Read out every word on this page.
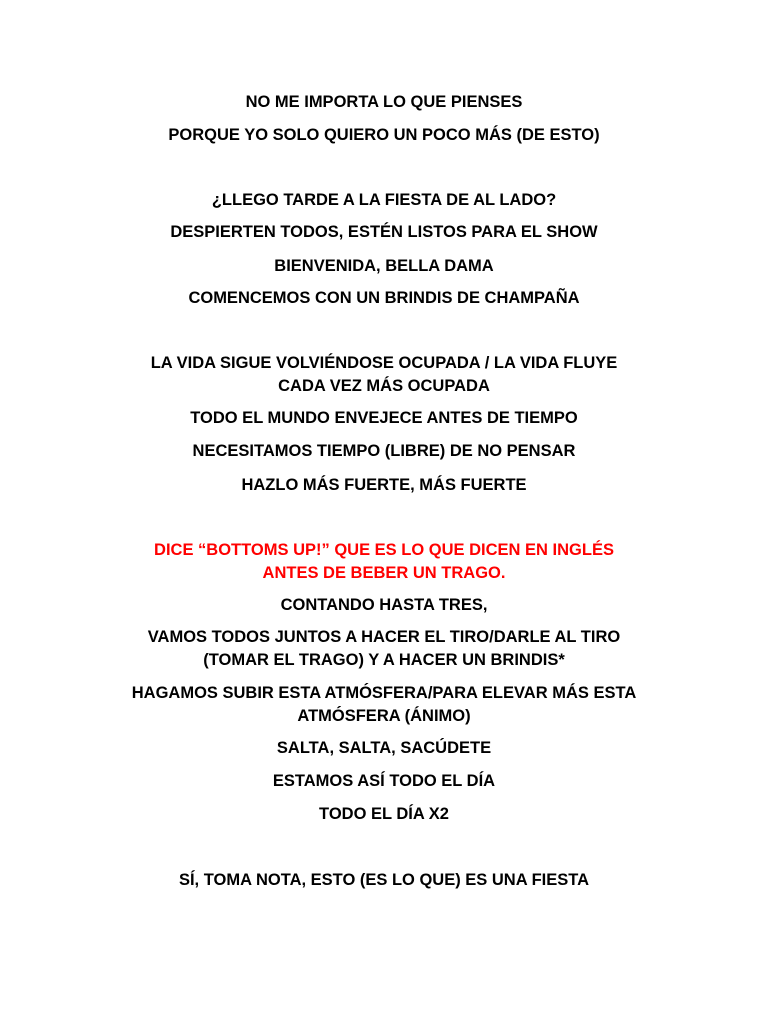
NO ME IMPORTA LO QUE PIENSES
PORQUE YO SOLO QUIERO UN POCO MÁS (DE ESTO)
¿LLEGO TARDE A LA FIESTA DE AL LADO?
DESPIERTEN TODOS, ESTÉN LISTOS PARA EL SHOW
BIENVENIDA, BELLA DAMA
COMENCEMOS CON UN BRINDIS DE CHAMPAÑA
LA VIDA SIGUE VOLVIÉNDOSE OCUPADA / LA VIDA FLUYE
CADA VEZ MÁS OCUPADA
TODO EL MUNDO ENVEJECE ANTES DE TIEMPO
NECESITAMOS TIEMPO (LIBRE) DE NO PENSAR
HAZLO MÁS FUERTE, MÁS FUERTE
DICE “BOTTOMS UP!” QUE ES LO QUE DICEN EN INGLÉS
ANTES DE BEBER UN TRAGO.
CONTANDO HASTA TRES,
VAMOS TODOS JUNTOS A HACER EL TIRO/DARLE AL TIRO
(TOMAR EL TRAGO) Y A HACER UN BRINDIS*
HAGAMOS SUBIR ESTA ATMÓSFERA/PARA ELEVAR MÁS ESTA
ATMÓSFERA (ÁNIMO)
SALTA, SALTA, SACÚDETE
ESTAMOS ASÍ TODO EL DÍA
TODO EL DÍA X2
SÍ, TOMA NOTA, ESTO (ES LO QUE) ES UNA FIESTA
